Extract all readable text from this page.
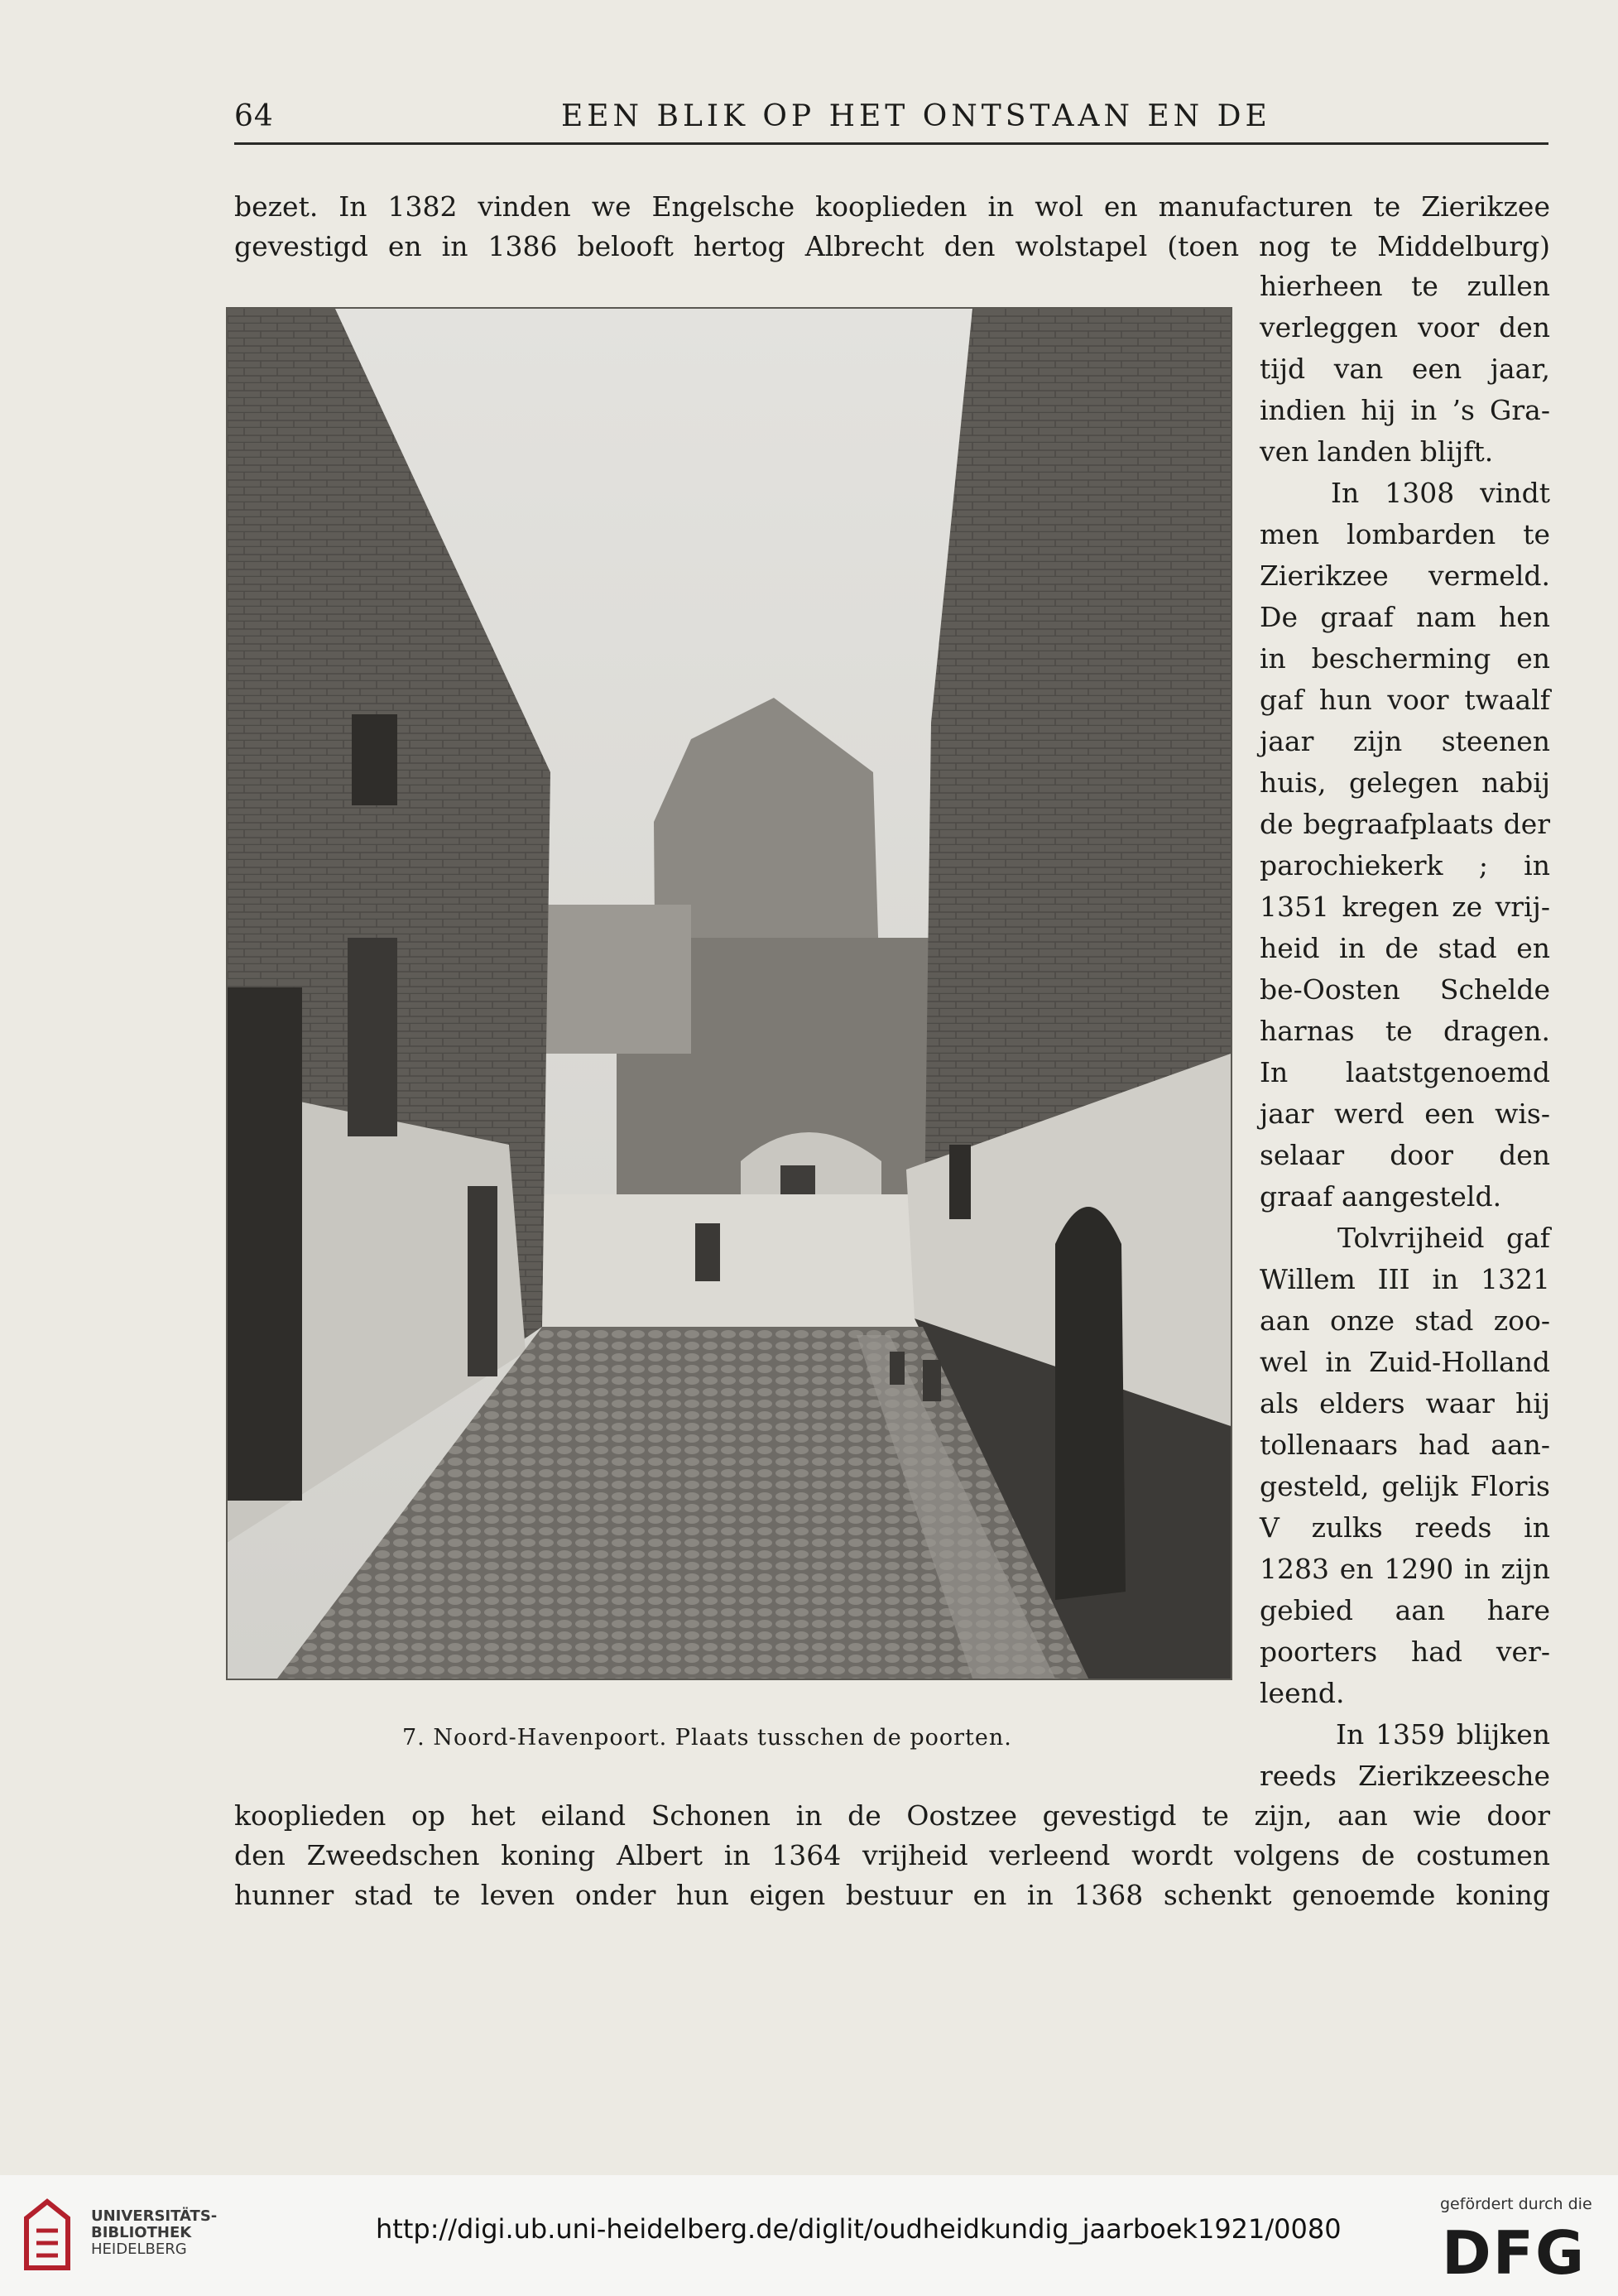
64	EEN BLIK OP HET ONTSTAAN EN DE
bezet. In 1382 vinden we Engelsche kooplieden in wol en manufacturen te Zierikzee
gevestigd en in 1386 belooft hertog Albrecht den wolstapel (toen nog te Middelburg)
hierheen te zullen
verleggen voor den
tijd van een jaar,
indien hij in ’s Gra-
ven landen blijft.
In 1308 vindt
men lombarden te
Zierikzee vermeld.
De graaf nam hen
in bescherming en
gaf hun voor twaalf
jaar zijn steenen
huis, gelegen nabij
de begraafplaats der
parochiekerk ; in
1351 kregen ze vrij-
heid in de stad en
be-Oosten Schelde
harnas te dragen.
In laatstgenoemd
jaar werd een wis-
selaar door den
graaf aangesteld.
Tolvrijheid gaf
Willem III in 1321
aan onze stad zoo-
wel in Zuid-Holland
als elders waar hij
tollenaars had aan-
gesteld, gelijk Floris
V zulks reeds in
1283 en 1290 in zijn
gebied aan hare
poorters had ver-
leend.
In 1359 blijken
reeds Zierikzeesche
kooplieden op het eiland Schonen in de Oostzee gevestigd te zijn, aan wie door
den Zweedschen koning Albert in 1364 vrijheid verleend wordt volgens de costumen
hunner stad te leven onder hun eigen bestuur en in 1368 schenkt genoemde koning
7. Noord-Havenpoort. Plaats tusschen de poorten.
UNIVERSITÄTS-
BIBLIOTHEK
HEIDELBERG
http://digi.ub.uni-heidelberg.de/diglit/oudheidkundig_jaarboek1921/0080
gefördert durch die
DFG
